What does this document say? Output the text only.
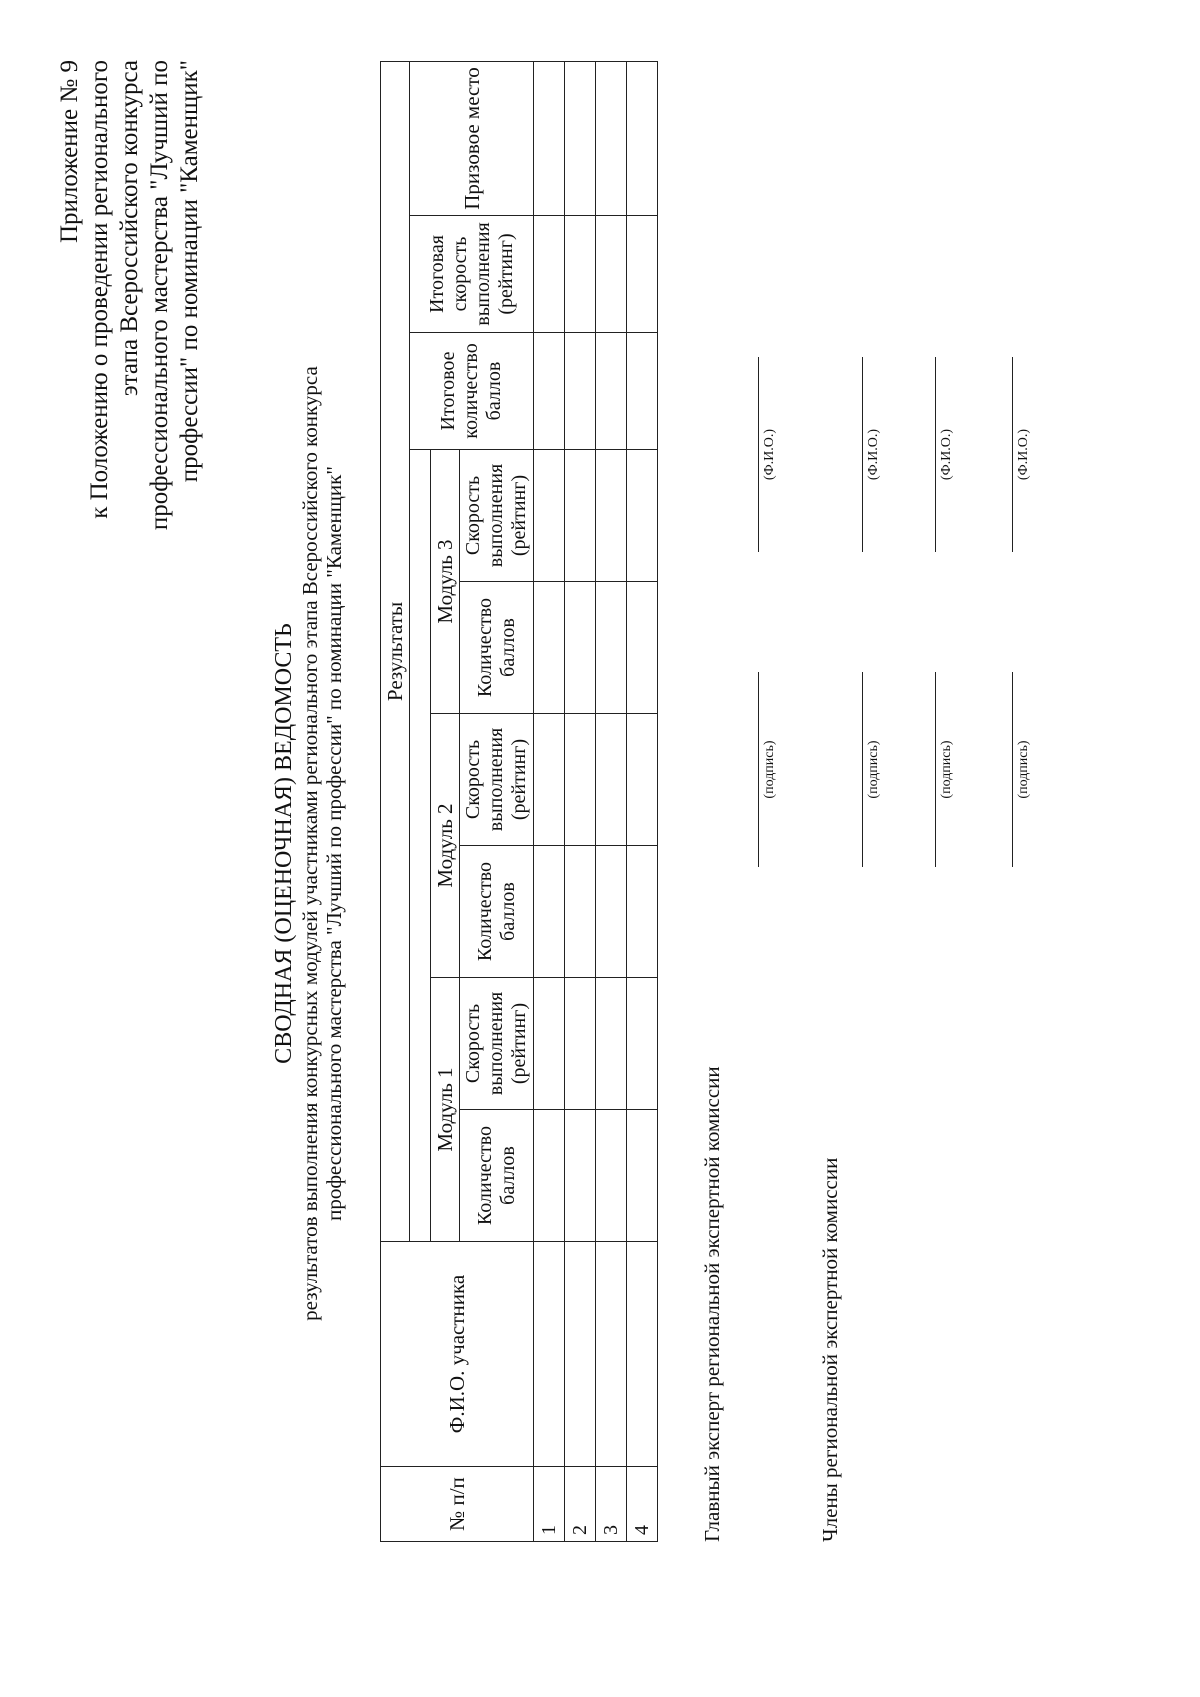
Приложение № 9 к Положению о проведении регионального этапа Всероссийского конкурса профессионального мастерства "Лучший по профессии" по номинации "Каменщик"
СВОДНАЯ (ОЦЕНОЧНАЯ) ВЕДОМОСТЬ результатов выполнения конкурсных модулей участниками регионального этапа Всероссийского конкурса профессионального мастерства "Лучший по профессии" по номинации "Каменщик"
№ п/п	Ф.И.О. участника	Результаты								
								Итоговое количество баллов	Итоговая скорость выполнения (рейтинг)	Призовое место
		Модуль 1		Модуль 2		Модуль 3				
		Количество баллов	Скорость выполнения (рейтинг)	Количество баллов	Скорость выполнения (рейтинг)	Количество баллов	Скорость выполнения (рейтинг)			
1										
2										
3										
4										Главный эксперт региональной экспертной комиссии
(подпись)
(Ф.И.О.)
Члены региональной экспертной комиссии
(подпись)
(Ф.И.О.)
(подпись)
(Ф.И.О.)
(подпись)
(Ф.И.О.)
